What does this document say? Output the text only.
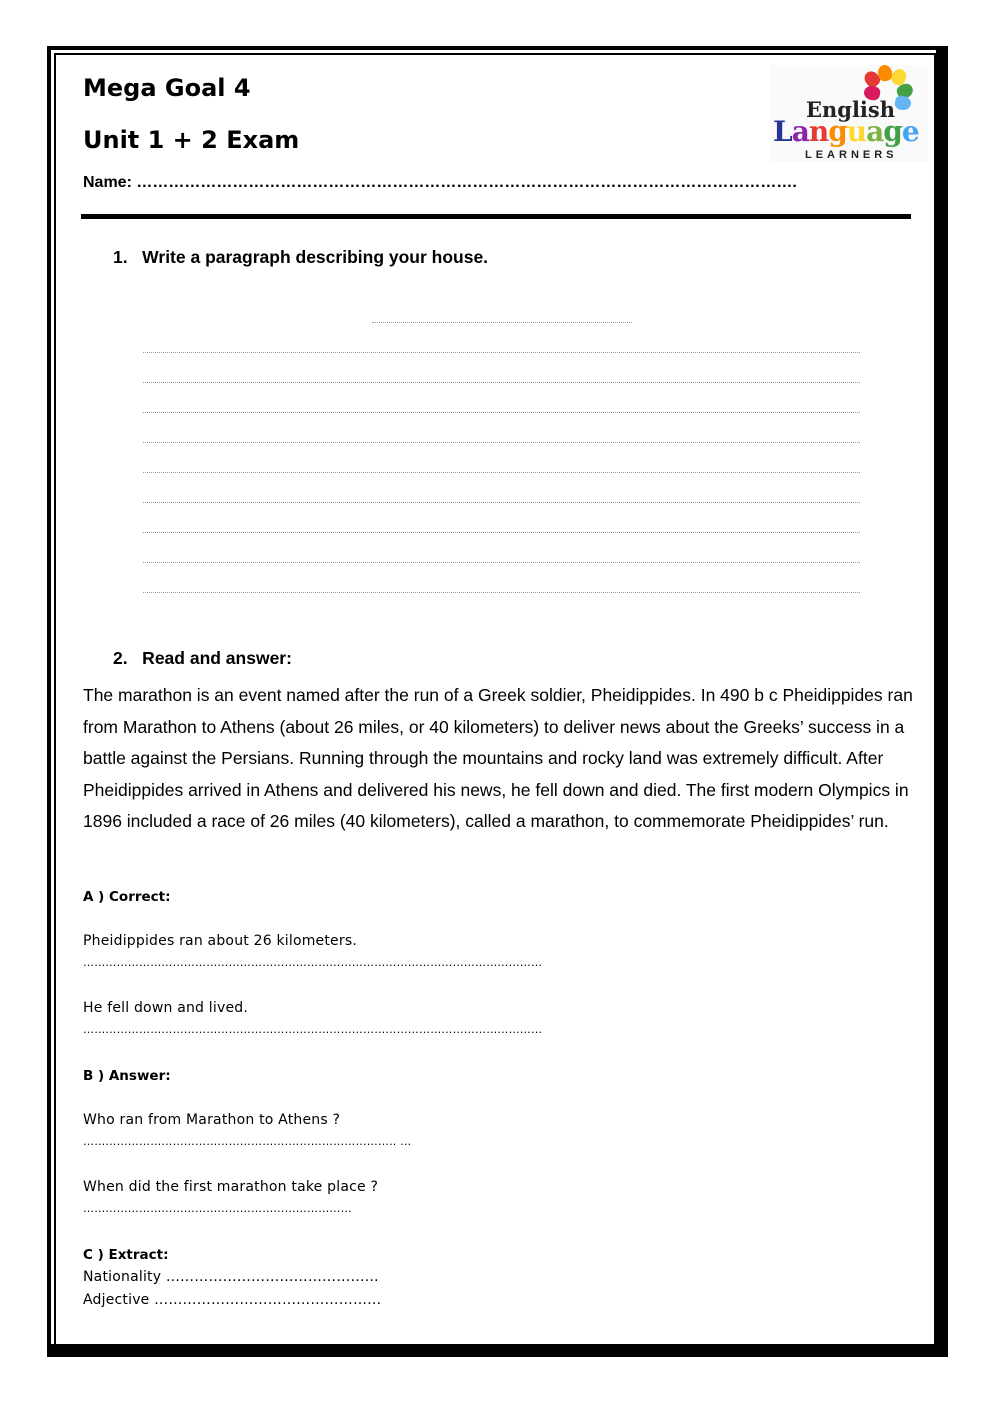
Mega Goal 4
Unit 1 + 2 Exam
Name: …………………………………………………………………………………………………………….
English
Language
LEARNERS
1.   Write a paragraph describing your house.
2.   Read and answer:
The marathon is an event named after the run of a Greek soldier, Pheidippides. In 490 b c Pheidippides ran from Marathon to Athens (about 26 miles, or 40 kilometers) to deliver news about the Greeks’ success in a battle against the Persians. Running through the mountains and rocky land was extremely difficult. After Pheidippides arrived in Athens and delivered his news, he fell down and died. The first modern Olympics in 1896 included a race of 26 miles (40 kilometers), called a marathon, to commemorate Pheidippides’ run.
A ) Correct:
Pheidippides ran about 26 kilometers.
……………………………………………………………………………………………………………
He fell down and lived.
……………………………………………………………………………………………………………
B ) Answer:
Who ran from Marathon to Athens ?
……………………………………………….……………………….. …
When did the first marathon take place ?
………………………………………………………………
C ) Extract:
Nationality ………………………………………
Adjective …………………………………………
